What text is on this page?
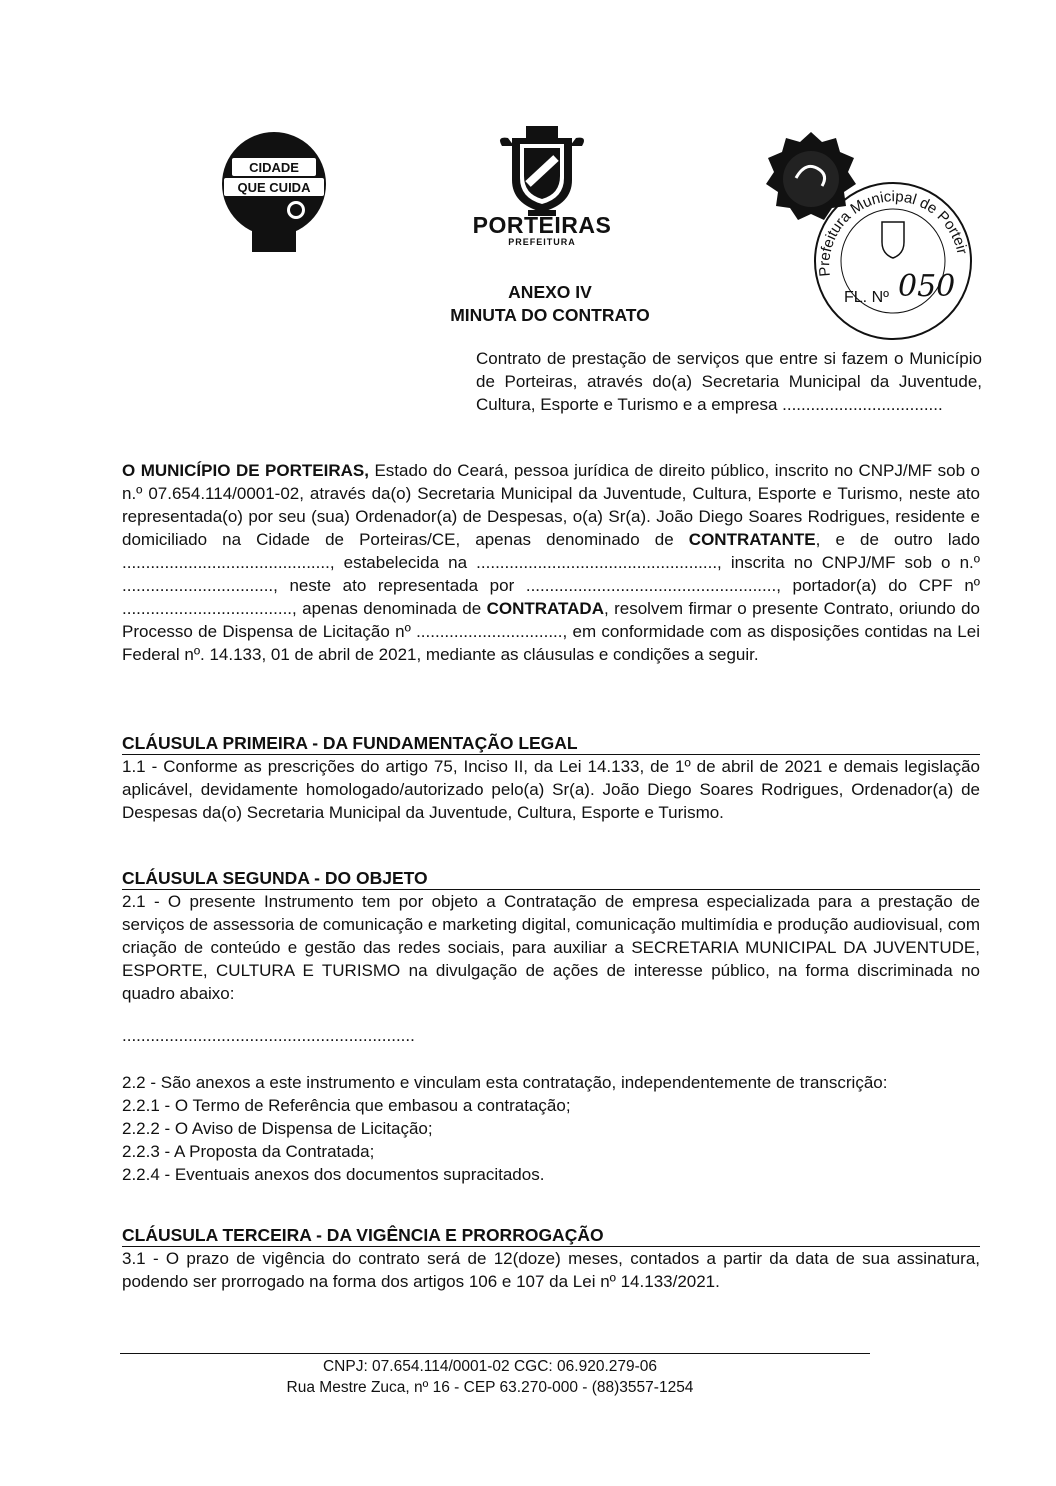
CIDADE
QUE CUIDA
PORTEIRAS
PREFEITURA
Prefeitura Municipal de Porteir
FL. Nº 050
ANEXO IV
MINUTA DO CONTRATO
Contrato de prestação de serviços que entre si fazem o Município de Porteiras, através do(a) Secretaria Municipal da Juventude, Cultura, Esporte e Turismo e a empresa ..................................
O MUNICÍPIO DE PORTEIRAS, Estado do Ceará, pessoa jurídica de direito público, inscrito no CNPJ/MF sob o n.º 07.654.114/0001-02, através da(o) Secretaria Municipal da Juventude, Cultura, Esporte e Turismo, neste ato representada(o) por seu (sua) Ordenador(a) de Despesas, o(a) Sr(a). João Diego Soares Rodrigues, residente e domiciliado na Cidade de Porteiras/CE, apenas denominado de CONTRATANTE, e de outro lado ............................................, estabelecida na ..................................................., inscrita no CNPJ/MF sob o n.º ................................, neste ato representada por ....................................................., portador(a) do CPF nº ...................................., apenas denominada de CONTRATADA, resolvem firmar o presente Contrato, oriundo do Processo de Dispensa de Licitação nº ..............................., em conformidade com as disposições contidas na Lei Federal nº. 14.133, 01 de abril de 2021, mediante as cláusulas e condições a seguir.
CLÁUSULA PRIMEIRA - DA FUNDAMENTAÇÃO LEGAL
1.1 - Conforme as prescrições do artigo 75, Inciso II, da Lei 14.133, de 1º de abril de 2021 e demais legislação aplicável, devidamente homologado/autorizado pelo(a) Sr(a). João Diego Soares Rodrigues, Ordenador(a) de Despesas da(o) Secretaria Municipal da Juventude, Cultura, Esporte e Turismo.
CLÁUSULA SEGUNDA - DO OBJETO
2.1 - O presente Instrumento tem por objeto a Contratação de empresa especializada para a prestação de serviços de assessoria de comunicação e marketing digital, comunicação multimídia e produção audiovisual, com criação de conteúdo e gestão das redes sociais, para auxiliar a SECRETARIA MUNICIPAL DA JUVENTUDE, ESPORTE, CULTURA E TURISMO na divulgação de ações de interesse público, na forma discriminada no quadro abaixo:
..............................................................
2.2 - São anexos a este instrumento e vinculam esta contratação, independentemente de transcrição:
2.2.1 - O Termo de Referência que embasou a contratação;
2.2.2 - O Aviso de Dispensa de Licitação;
2.2.3 - A Proposta da Contratada;
2.2.4 - Eventuais anexos dos documentos supracitados.
CLÁUSULA TERCEIRA - DA VIGÊNCIA E PRORROGAÇÃO
3.1 - O prazo de vigência do contrato será de 12(doze) meses, contados a partir da data de sua assinatura, podendo ser prorrogado na forma dos artigos 106 e 107 da Lei nº 14.133/2021.
CNPJ: 07.654.114/0001-02 CGC: 06.920.279-06
Rua Mestre Zuca, nº 16 - CEP 63.270-000 - (88)3557-1254
